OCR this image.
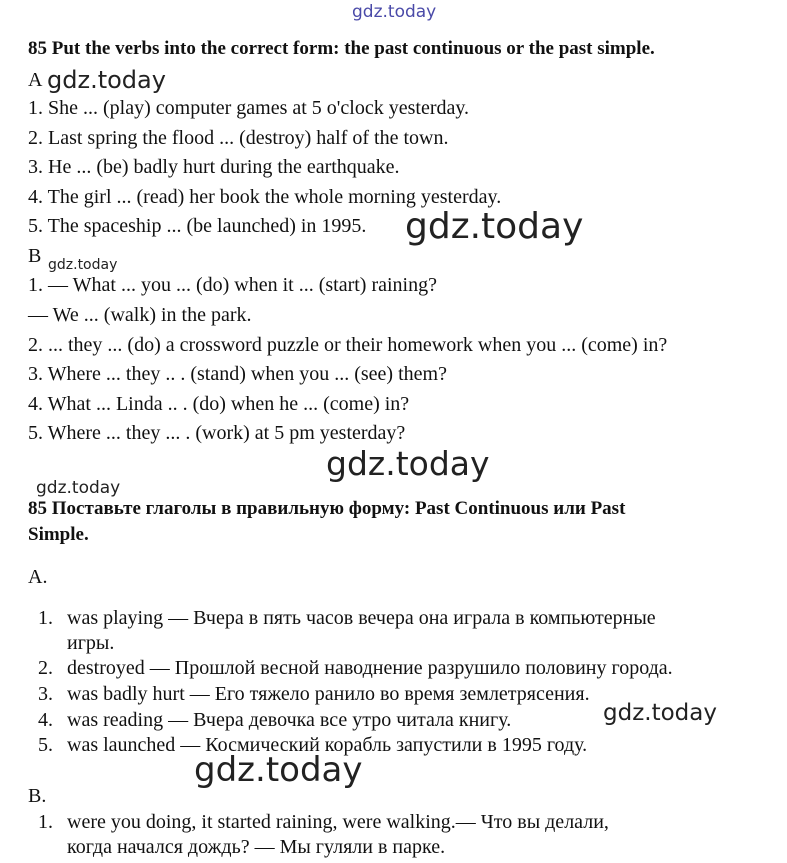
gdz.today
gdz.today
gdz.today
gdz.today
gdz.today
gdz.today
gdz.today
gdz.today
85 Put the verbs into the correct form: the past continuous or the past simple.
A
1. She ... (play) computer games at 5 o'clock yesterday.
2. Last spring the flood ... (destroy) half of the town.
3. He ... (be) badly hurt during the earthquake.
4. The girl ... (read) her book the whole morning yesterday.
5. The spaceship ... (be launched) in 1995.
B
1. — What ... you ... (do) when it ... (start) raining?
— We ... (walk) in the park.
2. ... they ... (do) a crossword puzzle or their homework when you ... (come) in?
3. Where ... they .. . (stand) when you ... (see) them?
4. What ... Linda .. . (do) when he ... (come) in?
5. Where ... they ... . (work) at 5 pm yesterday?
85 Поставьте глаголы в правильную форму: Past Continuous или Past
Simple.
A.
1. was playing — Вчера в пять часов вечера она играла в компьютерные
игры.
2. destroyed — Прошлой весной наводнение разрушило половину города.
3. was badly hurt — Его тяжело ранило во время землетрясения.
4. was reading — Вчера девочка все утро читала книгу.
5. was launched — Космический корабль запустили в 1995 году.
B.
1. were you doing, it started raining, were walking.— Что вы делали,
когда начался дождь? — Мы гуляли в парке.
